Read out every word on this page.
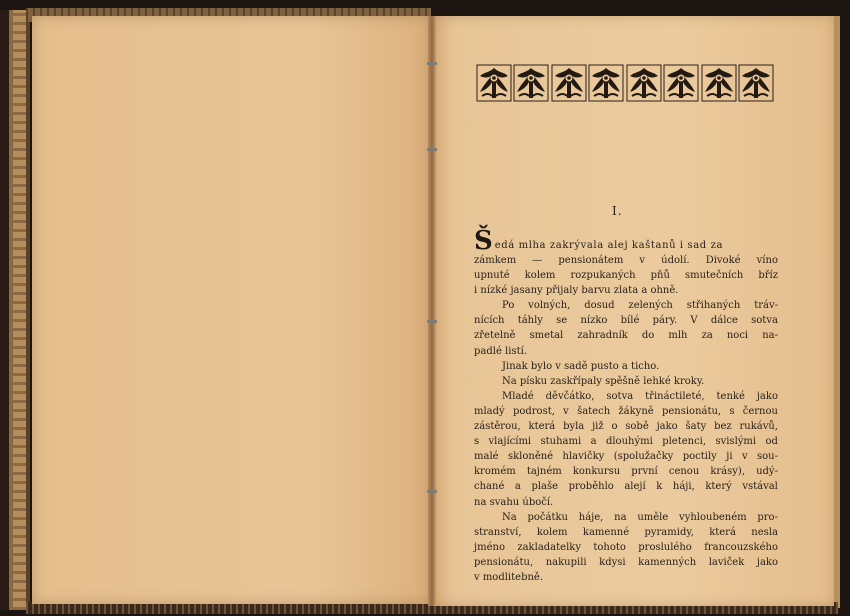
I.
Š edá mlha zakrývala alej kaštanů i sad za
zámkem — pensionátem v údolí. Divoké víno
upnuté kolem rozpukaných pňů smutečních bříz
i nízké jasany přijaly barvu zlata a ohně.
Po volných, dosud zelených střihaných tráv-
nících táhly se nízko bílé páry. V dálce sotva
zřetelně smetal zahradník do mlh za noci na-
padlé listí.
Jinak bylo v sadě pusto a ticho.
Na písku zaskřípaly spěšně lehké kroky.
Mladé děvčátko, sotva třináctileté, tenké jako
mladý podrost, v šatech žákyně pensionátu, s černou
zástěrou, která byla již o sobě jako šaty bez rukávů,
s vlajícími stuhami a dlouhými pletenci, svislými od
malé skloněné hlavičky (spolužačky poctily ji v sou-
kromém tajném konkursu první cenou krásy), udý-
chané a plaše proběhlo alejí k háji, který vstával
na svahu úbočí.
Na počátku háje, na uměle vyhloubeném pro-
stranství, kolem kamenné pyramidy, která nesla
jméno zakladatelky tohoto proslulého francouzského
pensionátu, nakupili kdysi kamenných laviček jako
v modlitebně.
